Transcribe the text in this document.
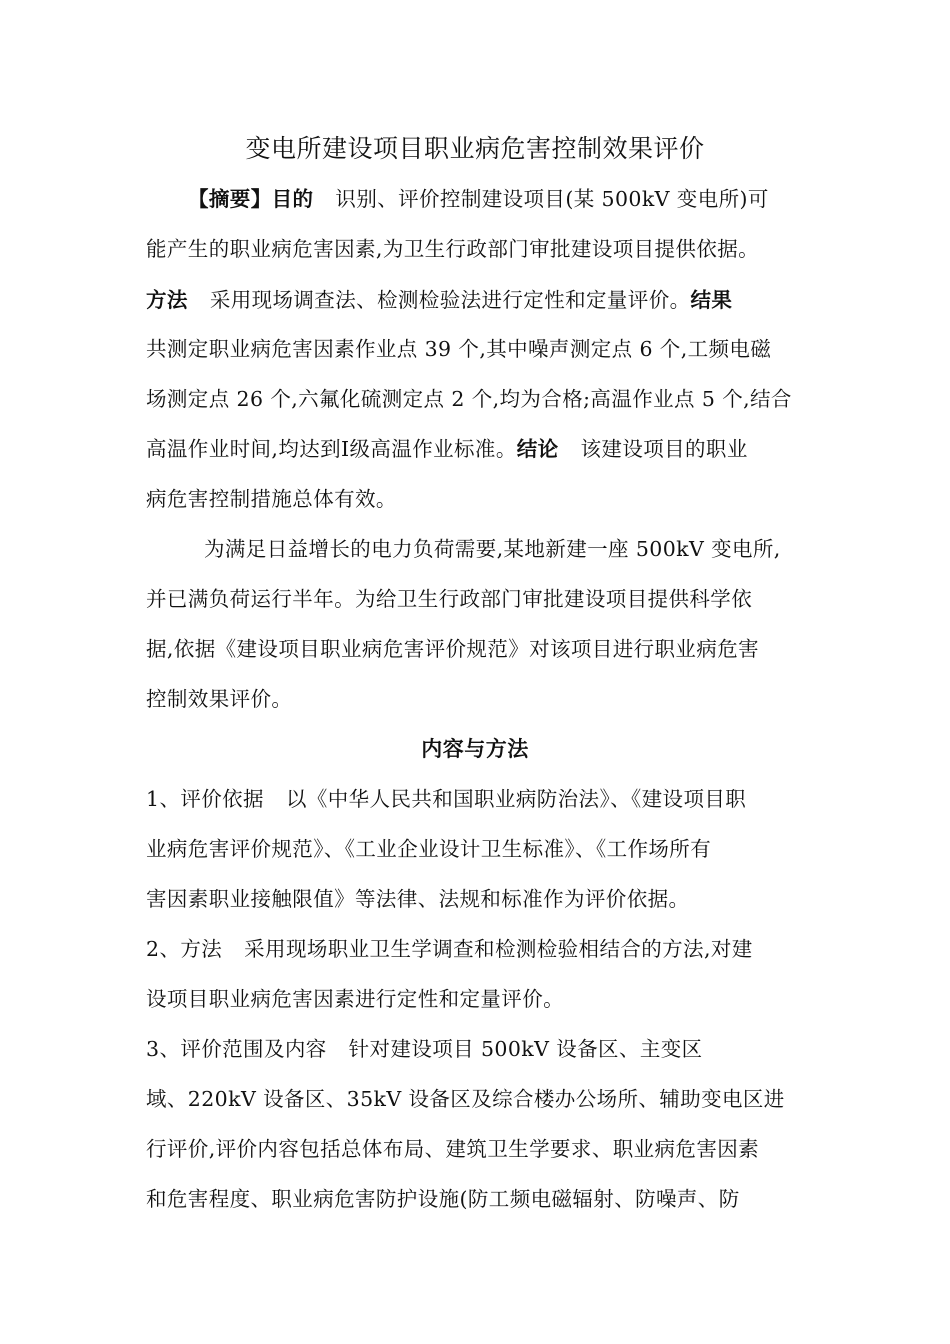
变电所建设项目职业病危害控制效果评价
【摘要】目的 识别、评价控制建设项目(某 500kV 变电所)可
能产生的职业病危害因素,为卫生行政部门审批建设项目提供依据。
方法 采用现场调查法、检测检验法进行定性和定量评价。结果
共测定职业病危害因素作业点 39 个,其中噪声测定点 6 个,工频电磁
场测定点 26 个,六氟化硫测定点 2 个,均为合格;高温作业点 5 个,结合
高温作业时间,均达到Ⅰ级高温作业标准。结论 该建设项目的职业
病危害控制措施总体有效。
为满足日益增长的电力负荷需要,某地新建一座 500kV 变电所,
并已满负荷运行半年。为给卫生行政部门审批建设项目提供科学依
据,依据《建设项目职业病危害评价规范》对该项目进行职业病危害
控制效果评价。
内容与方法
1、评价依据 以《中华人民共和国职业病防治法》、《建设项目职
业病危害评价规范》、《工业企业设计卫生标准》、《工作场所有
害因素职业接触限值》等法律、法规和标准作为评价依据。
2、方法 采用现场职业卫生学调查和检测检验相结合的方法,对建
设项目职业病危害因素进行定性和定量评价。
3、评价范围及内容 针对建设项目 500kV 设备区、主变区
域、220kV 设备区、35kV 设备区及综合楼办公场所、辅助变电区进
行评价,评价内容包括总体布局、建筑卫生学要求、职业病危害因素
和危害程度、职业病危害防护设施(防工频电磁辐射、防噪声、防
